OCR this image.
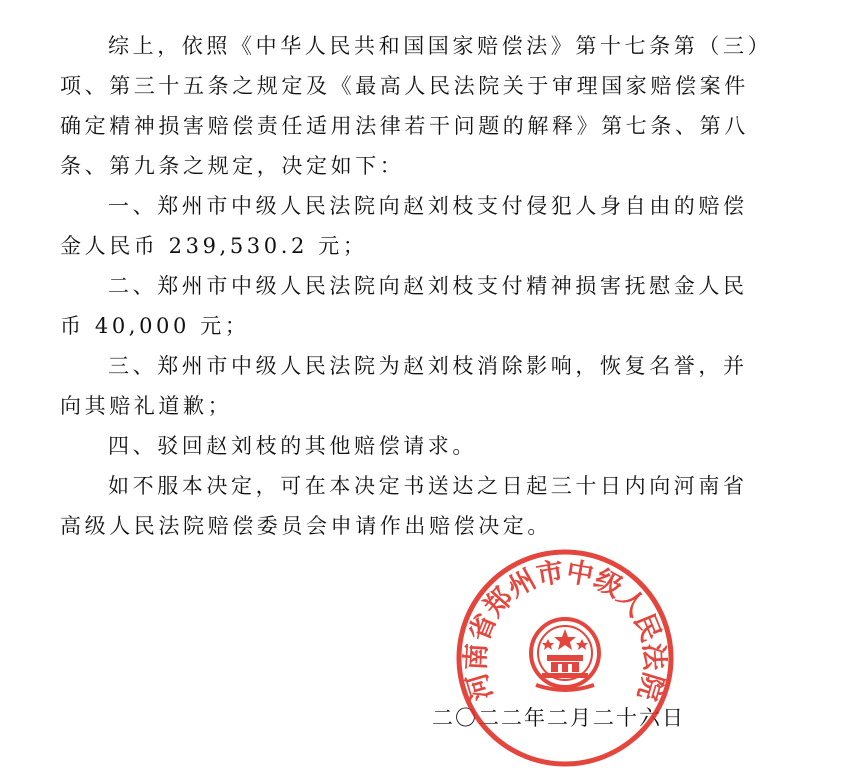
综上，依照《中华人民共和国国家赔偿法》第十七条第（三）
项、第三十五条之规定及《最高人民法院关于审理国家赔偿案件
确定精神损害赔偿责任适用法律若干问题的解释》第七条、第八
条、第九条之规定，决定如下：
一、郑州市中级人民法院向赵刘枝支付侵犯人身自由的赔偿
金人民币 239,530.2 元；
二、郑州市中级人民法院向赵刘枝支付精神损害抚慰金人民
币 40,000 元；
三、郑州市中级人民法院为赵刘枝消除影响，恢复名誉，并
向其赔礼道歉；
四、驳回赵刘枝的其他赔偿请求。
如不服本决定，可在本决定书送达之日起三十日内向河南省
高级人民法院赔偿委员会申请作出赔偿决定。
二〇二二年二月二十六日
河南省郑州市中级人民法院
